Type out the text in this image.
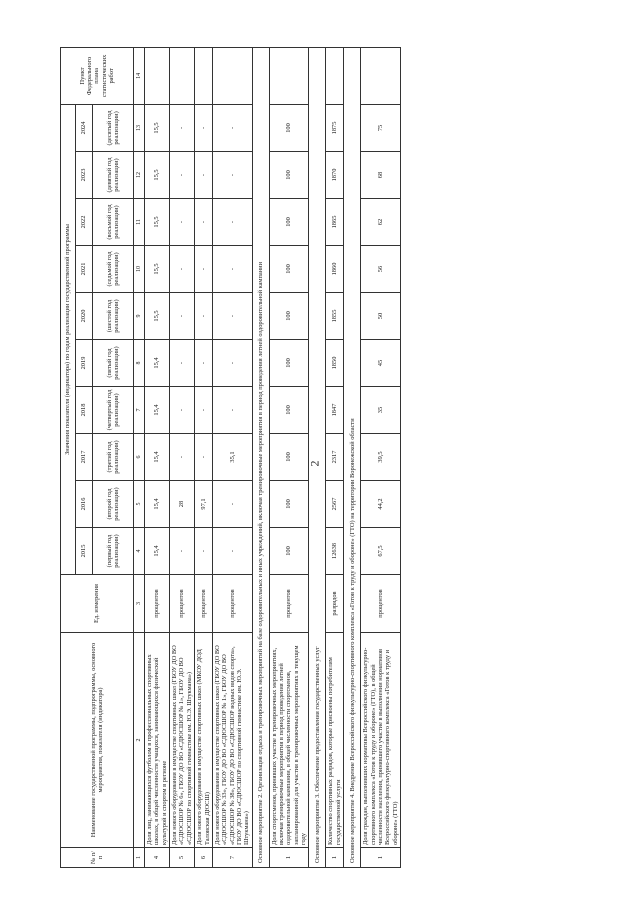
2
№ п/п	Наименование государственной программы, подпрограммы, основного мероприятия, показателя (индикатора)	Ед. измерения	Значения показателя (индикатора) по годам реализации государственной программы										Пункт Федерального плана статистических работ
			2015	2016	2017	2018	2019	2020	2021	2022	2023	2024	
			(первый год реализации)	(второй год реализации)	(третий год реализации)	(четвертый год реализации)	(пятый год реализации)	(шестой год реализации)	(седьмой год реализации)	(восьмой год реализации)	(девятый год реализации)	(десятый год реализации)	
1	2	3	4	5	6	7	8	9	10	11	12	13	14
4	Доля лиц, занимающихся футболом в профессиональных спортивных школах, в общей численности учащихся, занимающихся физической культурой и спортом в регионе	процентов	15,4	15,4	15,4	15,4	15,4	15,5	15,5	15,5	15,5	15,5	
5	Доля нового оборудования в имуществе спортивных школ (ГБОУ ДО ВО «СДЮСШОР № 6», ГБОУ ДО ВО «СДЮСШОР № 1», ГБОУ ДО ВО «СДЮСШОР по спортивной гимнастике им. Ю.Э. Штукмана»)	процентов	-	28	-	-	-	-	-	-	-	-	
6	Доля нового оборудования в имуществе спортивных школ (МКОУ ДОД Таловская ДЮСШ)	процентов	-	97,1	-	-	-	-	-	-	-	-	
7	Доля нового оборудования в имуществе спортивных школ (ГБОУ ДО ВО «СДЮСШОР № 33», ГБОУ ДО ВО «СДЮСШОР № 1», ГБОУ ДО ВО «СДЮСШОР № 38», ГБОУ ДО ВО «СДЮСШОР водных видов спорта», ГБОУ ДО ВО «СДЮСШОР по спортивной гимнастике им. Ю.Э. Штукмана»)	процентов	-	-	35,1	-	-	-	-	-	-	-	
Основное мероприятие 2. Организация отдыха и тренировочных мероприятий на базе оздоровительных и иных учреждений, включая тренировочные мероприятия в период проведения летней оздоровительной кампании													
1	Доля спортсменов, принявших участие в тренировочных мероприятиях, включая тренировочные мероприятия в период проведения летней оздоровительной кампании, в общей численности спортсменов, запланированной для участия в тренировочных мероприятиях в текущем году	процентов	100	100	100	100	100	100	100	100	100	100	
Основное мероприятие 3. Обеспечение предоставления государственных услуг													
1	Количество спортивных разрядов, которые присвоены потребителям государственной услуги	разрядов	12638	2567	2317	1847	1850	1855	1860	1865	1870	1875	
Основное мероприятие 4. Внедрение Всероссийского физкультурно-спортивного комплекса «Готов к труду и обороне» (ГТО) на территории Воронежской области													
1	Доля граждан, выполнивших нормативы Всероссийского физкультурно-спортивного комплекса «Готов к труду и обороне» (ГТО), в общей численности населения, принявшего участие в выполнении нормативов Всероссийского физкультурно-спортивного комплекса «Готов к труду и обороне» (ГТО)	процентов	67,5	44,2	39,5	35	45	50	56	62	68	75	
